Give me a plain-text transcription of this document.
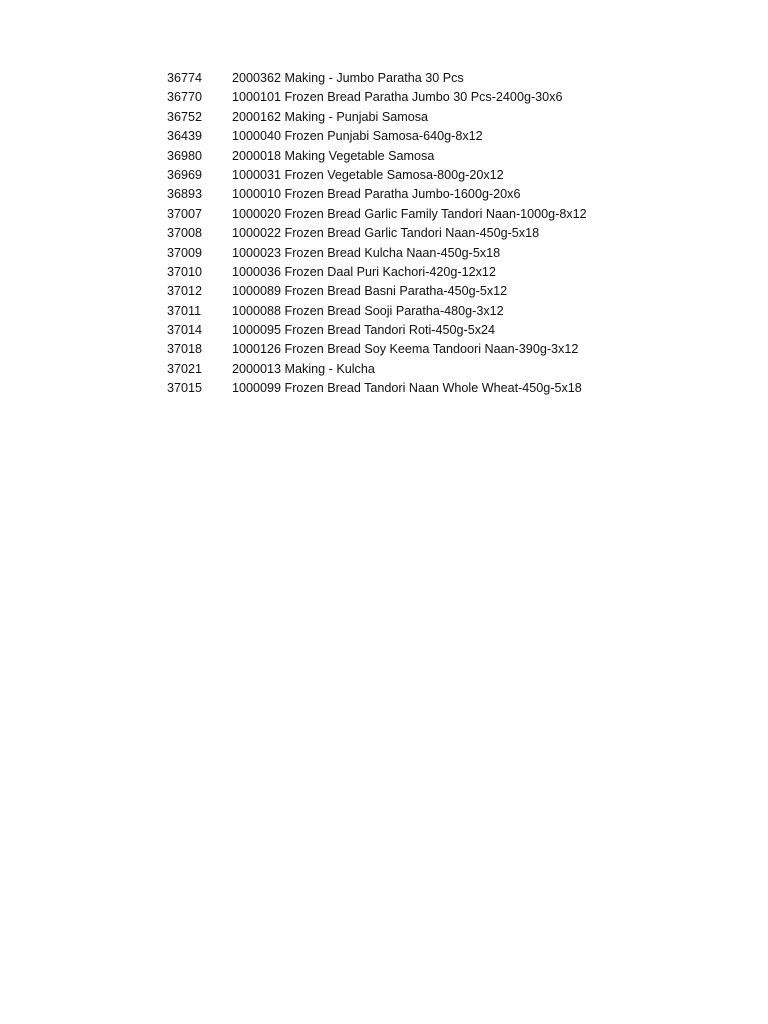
36774	2000362 Making - Jumbo Paratha 30 Pcs
36770	1000101 Frozen Bread Paratha Jumbo 30 Pcs-2400g-30x6
36752	2000162 Making - Punjabi Samosa
36439	1000040 Frozen Punjabi Samosa-640g-8x12
36980	2000018 Making Vegetable Samosa
36969	1000031 Frozen Vegetable Samosa-800g-20x12
36893	1000010 Frozen Bread Paratha Jumbo-1600g-20x6
37007	1000020 Frozen Bread Garlic Family Tandori Naan-1000g-8x12
37008	1000022 Frozen Bread Garlic Tandori Naan-450g-5x18
37009	1000023 Frozen Bread Kulcha Naan-450g-5x18
37010	1000036 Frozen Daal Puri Kachori-420g-12x12
37012	1000089 Frozen Bread Basni Paratha-450g-5x12
37011	1000088 Frozen Bread Sooji Paratha-480g-3x12
37014	1000095 Frozen Bread Tandori Roti-450g-5x24
37018	1000126 Frozen Bread Soy Keema Tandoori Naan-390g-3x12
37021	2000013 Making - Kulcha
37015	1000099 Frozen Bread Tandori Naan Whole Wheat-450g-5x18
